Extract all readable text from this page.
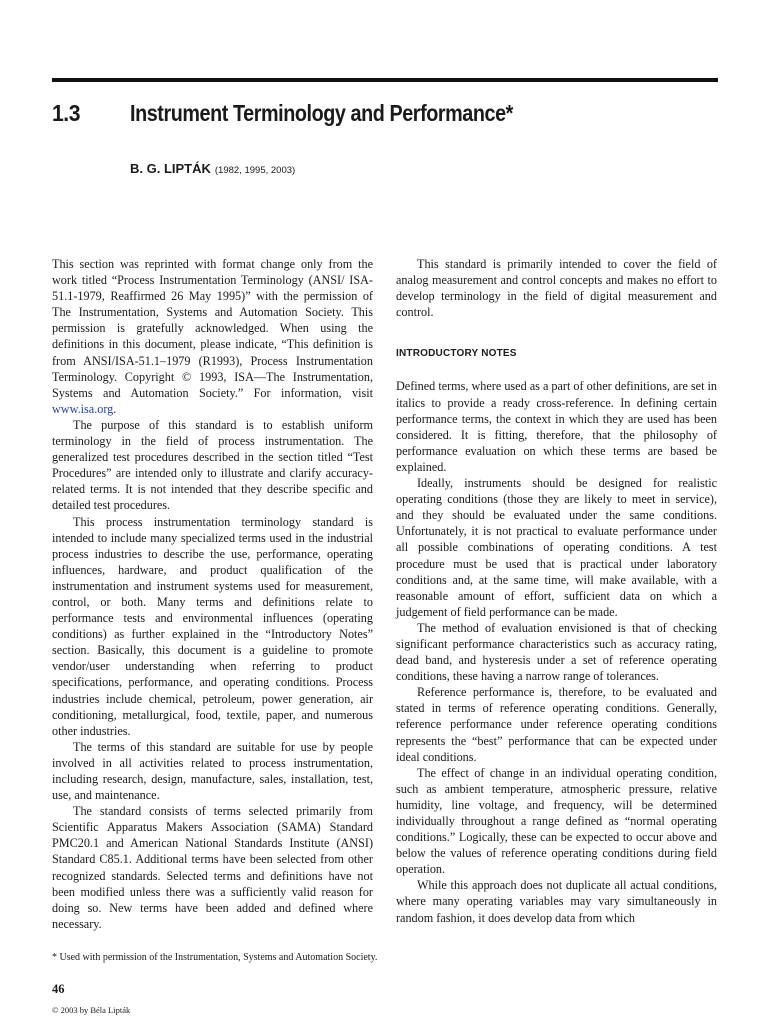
1.3 Instrument Terminology and Performance*
B. G. LIPTÁK (1982, 1995, 2003)

This section was reprinted with format change only from the work titled “Process Instrumentation Terminology (ANSI/ ISA-51.1-1979, Reaffirmed 26 May 1995)” with the permission of The Instrumentation, Systems and Automation Society. This permission is gratefully acknowledged. When using the definitions in this document, please indicate, “This definition is from ANSI/ISA-51.1–1979 (R1993), Process Instrumentation Terminology. Copyright © 1993, ISA—The Instrumentation, Systems and Automation Society.” For information, visit www.isa.org.

The purpose of this standard is to establish uniform terminology in the field of process instrumentation. The generalized test procedures described in the section titled “Test Procedures” are intended only to illustrate and clarify accuracy-related terms. It is not intended that they describe specific and detailed test procedures.

This process instrumentation terminology standard is intended to include many specialized terms used in the industrial process industries to describe the use, performance, operating influences, hardware, and product qualification of the instrumentation and instrument systems used for measurement, control, or both. Many terms and definitions relate to performance tests and environmental influences (operating conditions) as further explained in the “Introductory Notes” section. Basically, this document is a guideline to promote vendor/user understanding when referring to product specifications, performance, and operating conditions. Process industries include chemical, petroleum, power generation, air conditioning, metallurgical, food, textile, paper, and numerous other industries.

The terms of this standard are suitable for use by people involved in all activities related to process instrumentation, including research, design, manufacture, sales, installation, test, use, and maintenance.

The standard consists of terms selected primarily from Scientific Apparatus Makers Association (SAMA) Standard PMC20.1 and American National Standards Institute (ANSI) Standard C85.1. Additional terms have been selected from other recognized standards. Selected terms and definitions have not been modified unless there was a sufficiently valid reason for doing so. New terms have been added and defined where necessary.

This standard is primarily intended to cover the field of analog measurement and control concepts and makes no effort to develop terminology in the field of digital measurement and control.

INTRODUCTORY NOTES

Defined terms, where used as a part of other definitions, are set in italics to provide a ready cross-reference. In defining certain performance terms, the context in which they are used has been considered. It is fitting, therefore, that the philosophy of performance evaluation on which these terms are based be explained.

Ideally, instruments should be designed for realistic operating conditions (those they are likely to meet in service), and they should be evaluated under the same conditions. Unfortunately, it is not practical to evaluate performance under all possible combinations of operating conditions. A test procedure must be used that is practical under laboratory conditions and, at the same time, will make available, with a reasonable amount of effort, sufficient data on which a judgement of field performance can be made.

The method of evaluation envisioned is that of checking significant performance characteristics such as accuracy rating, dead band, and hysteresis under a set of reference operating conditions, these having a narrow range of tolerances.

Reference performance is, therefore, to be evaluated and stated in terms of reference operating conditions. Generally, reference performance under reference operating conditions represents the “best” performance that can be expected under ideal conditions.

The effect of change in an individual operating condition, such as ambient temperature, atmospheric pressure, relative humidity, line voltage, and frequency, will be determined individually throughout a range defined as “normal operating conditions.” Logically, these can be expected to occur above and below the values of reference operating conditions during field operation.

While this approach does not duplicate all actual conditions, where many operating variables may vary simultaneously in random fashion, it does develop data from which

* Used with permission of the Instrumentation, Systems and Automation Society.
46
© 2003 by Béla Lipták
